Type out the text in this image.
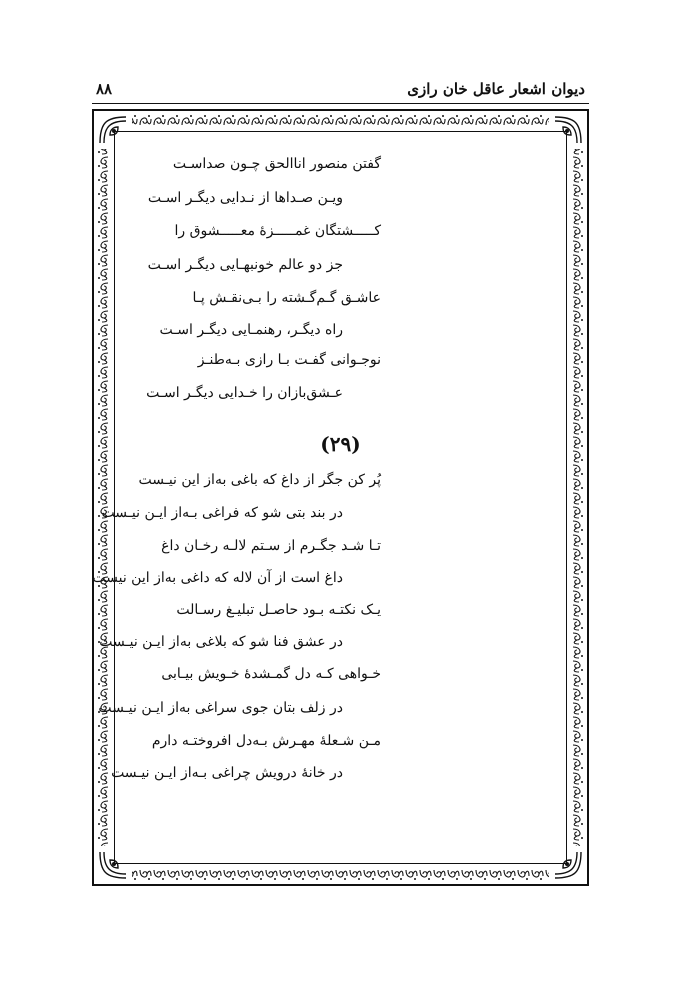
دیوان اشعار عاقل خان رازی
۸۸
گفتن منصور اناالحق چـون صداسـت
ویـن صـداها از نـدایی دیگـر اسـت
کـــــشتگان غمـــــزهٔ معـــــشوق را
جز دو عالم خونبهـایی دیگـر اسـت
عاشـق گـم‌گـشته را بـی‌نقـش پـا
راه دیگـر، رهنمـایی دیگـر اسـت
نوجـوانی گفـت بـا رازی بـه‌طنـز
عـشق‌بازان را خـدایی دیگـر اسـت
(۲۹)
پُر کن جگر از داغ که باغی به‌از این نیـست
در بند بتی شو که فراغی بـه‌از ایـن نیـست
تـا شـد جگـرم از سـتم لالـه رخـان داغ
داغ است از آن لاله که داغی به‌از این نیست
یـک نکتـه بـود حاصـل تبلیـغ رسـالت
در عشق فنا شو که بلاغی به‌از ایـن نیـست
خـواهی کـه دل گمـشدهٔ خـویش بیـابی
در زلف بتان جوی سراغی به‌از ایـن نیـست
مـن شـعلهٔ مهـرش بـه‌دل افروختـه دارم
در خانهٔ درویش چراغی بـه‌از ایـن نیـست
